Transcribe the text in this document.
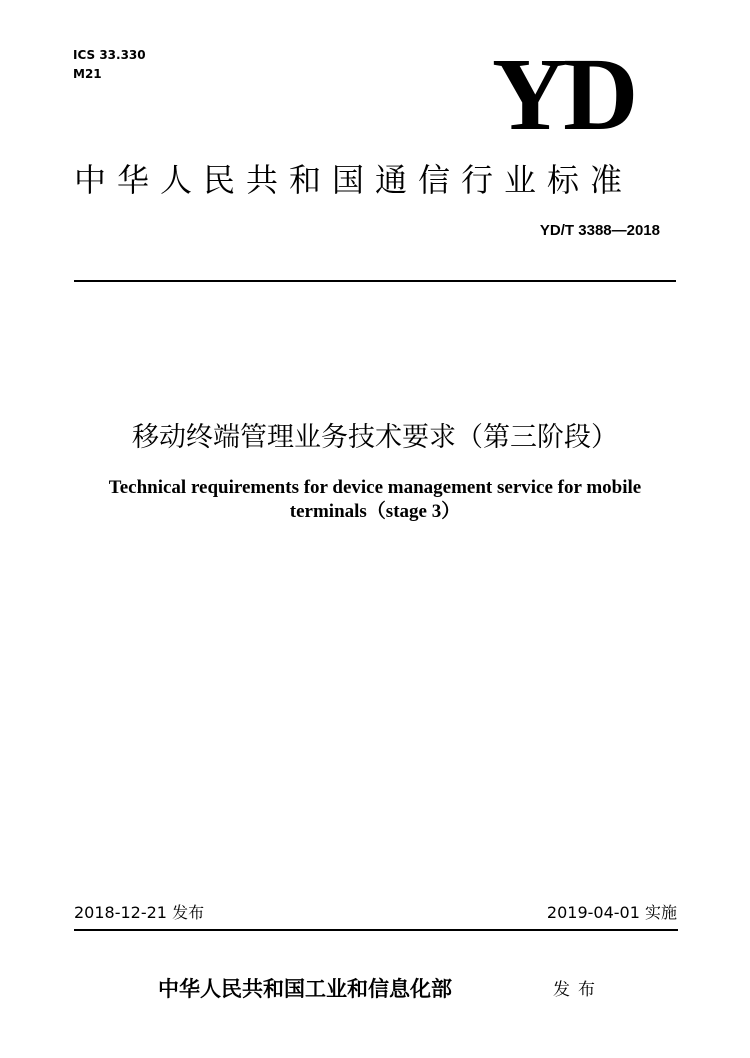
ICS 33.330
M21	YD
中华人民共和国通信行业标准
YD/T 3388—2018
移动终端管理业务技术要求（第三阶段）
Technical requirements for device management service for mobile
terminals（stage 3）
2018-12-21 发布	2019-04-01 实施
中华人民共和国工业和信息化部	发布
